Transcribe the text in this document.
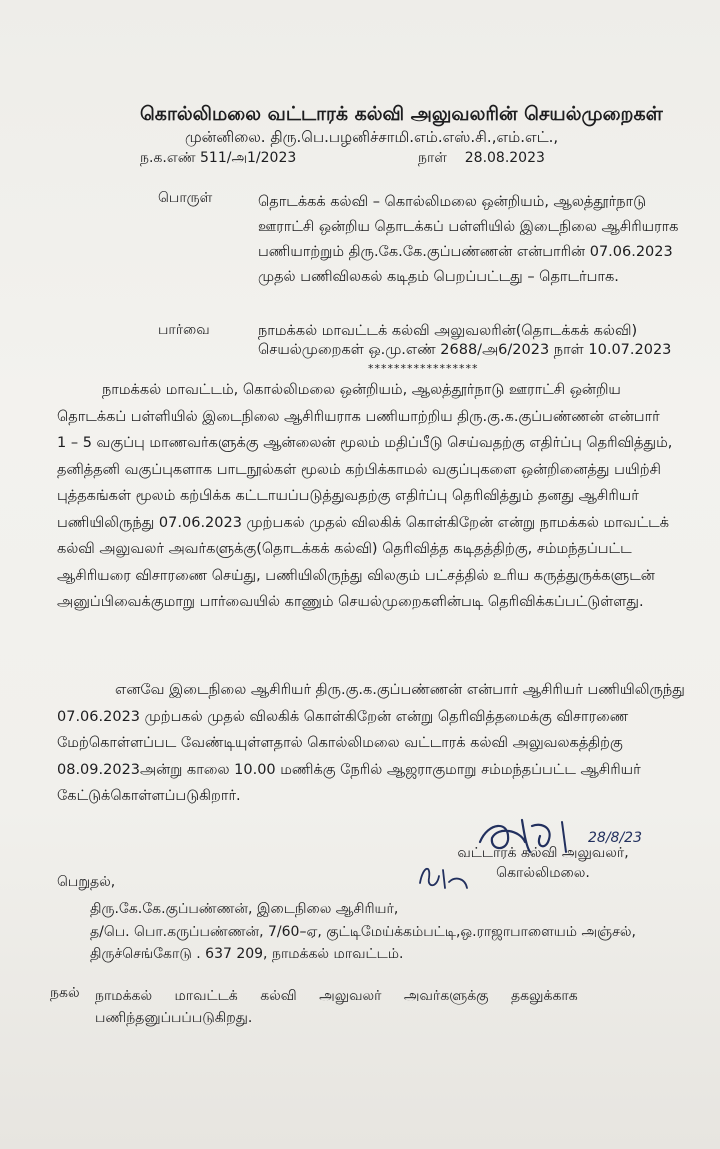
கொல்லிமலை வட்டாரக் கல்வி அலுவலரின் செயல்முறைகள்
முன்னிலை. திரு.பெ.பழனிச்சாமி.எம்.எஸ்.சி.,எம்.எட்.,
ந.க.எண் 511/அ1/2023	நாள் 28.08.2023
பொருள்	தொடக்கக் கல்வி – கொல்லிமலை ஒன்றியம், ஆலத்தூர்நாடு
ஊராட்சி ஒன்றிய தொடக்கப் பள்ளியில் இடைநிலை ஆசிரியராக
பணியாற்றும் திரு.கே.கே.குப்பண்ணன் என்பாரின் 07.06.2023
முதல் பணிவிலகல் கடிதம் பெறப்பட்டது – தொடர்பாக.
பார்வை	நாமக்கல் மாவட்டக் கல்வி அலுவலரின்(தொடக்கக் கல்வி)
செயல்முறைகள் ஒ.மு.எண் 2688/அ6/2023 நாள் 10.07.2023
*****************

நாமக்கல் மாவட்டம், கொல்லிமலை ஒன்றியம், ஆலத்தூர்நாடு ஊராட்சி ஒன்றிய

தொடக்கப் பள்ளியில் இடைநிலை ஆசிரியராக பணியாற்றிய திரு.கு.க.குப்பண்ணன் என்பார்

1 – 5 வகுப்பு மாணவர்களுக்கு ஆன்லைன் மூலம் மதிப்பீடு செய்வதற்கு எதிர்ப்பு தெரிவித்தும்,

தனித்தனி வகுப்புகளாக பாடநூல்கள் மூலம் கற்பிக்காமல் வகுப்புகளை ஒன்றினைத்து பயிற்சி

புத்தகங்கள் மூலம் கற்பிக்க கட்டாயப்படுத்துவதற்கு எதிர்ப்பு தெரிவித்தும் தனது ஆசிரியர்

பணியிலிருந்து 07.06.2023 முற்பகல் முதல் விலகிக் கொள்கிறேன் என்று நாமக்கல் மாவட்டக்

கல்வி அலுவலர் அவர்களுக்கு(தொடக்கக் கல்வி) தெரிவித்த கடிதத்திற்கு, சம்மந்தப்பட்ட

ஆசிரியரை விசாரணை செய்து, பணியிலிருந்து விலகும் பட்சத்தில் உரிய கருத்துருக்களுடன்

அனுப்பிவைக்குமாறு பார்வையில் காணும் செயல்முறைகளின்படி தெரிவிக்கப்பட்டுள்ளது.

எனவே இடைநிலை ஆசிரியர் திரு.கு.க.குப்பண்ணன் என்பார் ஆசிரியர் பணியிலிருந்து

07.06.2023 முற்பகல் முதல் விலகிக் கொள்கிறேன் என்று தெரிவித்தமைக்கு விசாரணை

மேற்கொள்ளப்பட வேண்டியுள்ளதால் கொல்லிமலை வட்டாரக் கல்வி அலுவலகத்திற்கு

08.09.2023அன்று காலை 10.00 மணிக்கு நேரில் ஆஜராகுமாறு சம்மந்தப்பட்ட ஆசிரியர்

கேட்டுக்கொள்ளப்படுகிறார்.

28/8/23
வட்டாரக் கல்வி அலுவலர்,
கொல்லிமலை.
பெறுதல்,

திரு.கே.கே.குப்பண்ணன், இடைநிலை ஆசிரியர்,

த/பெ. பொ.கருப்பண்ணன், 7/60–ஏ, குட்டிமேய்க்கம்பட்டி,ஒ.ராஜாபாளையம் அஞ்சல்,

திருச்செங்கோடு . 637 209, நாமக்கல் மாவட்டம்.

நகல் நாமக்கல் மாவட்டக் கல்வி அலுவலர் அவர்களுக்கு தகலுக்காக

பணிந்தனுப்பப்படுகிறது.
